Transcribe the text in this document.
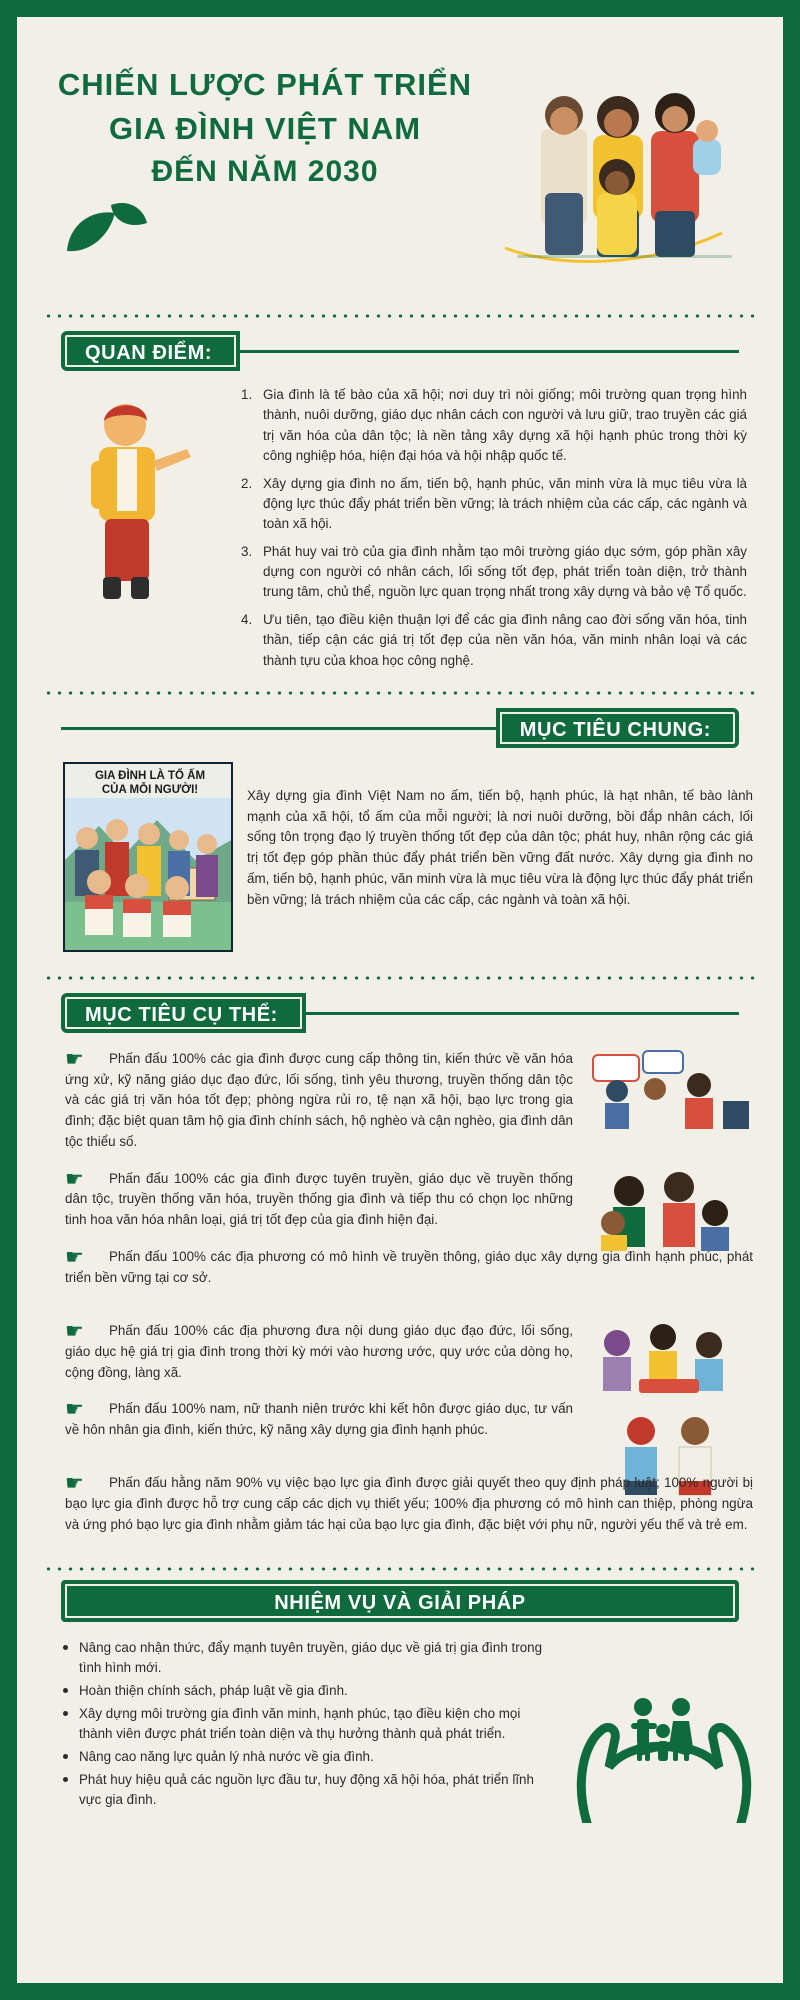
CHIẾN LƯỢC PHÁT TRIỂN
GIA ĐÌNH VIỆT NAM
ĐẾN NĂM 2030
QUAN ĐIỂM:
Gia đình là tế bào của xã hội; nơi duy trì nòi giống; môi trường quan trọng hình thành, nuôi dưỡng, giáo dục nhân cách con người và lưu giữ, trao truyền các giá trị văn hóa của dân tộc; là nền tảng xây dựng xã hội hạnh phúc trong thời kỳ công nghiệp hóa, hiện đại hóa và hội nhập quốc tế.
Xây dựng gia đình no ấm, tiến bộ, hạnh phúc, văn minh vừa là mục tiêu vừa là động lực thúc đẩy phát triển bền vững; là trách nhiệm của các cấp, các ngành và toàn xã hội.
Phát huy vai trò của gia đình nhằm tạo môi trường giáo dục sớm, góp phần xây dựng con người có nhân cách, lối sống tốt đẹp, phát triển toàn diện, trở thành trung tâm, chủ thể, nguồn lực quan trọng nhất trong xây dựng và bảo vệ Tổ quốc.
Ưu tiên, tạo điều kiện thuận lợi để các gia đình nâng cao đời sống văn hóa, tinh thần, tiếp cận các giá trị tốt đẹp của nền văn hóa, văn minh nhân loại và các thành tựu của khoa học công nghệ.
MỤC TIÊU CHUNG:
GIA ĐÌNH LÀ TỔ ẤM
CỦA MỖI NGƯỜI!	Xây dựng gia đình Việt Nam no ấm, tiến bộ, hạnh phúc, là hạt nhân, tế bào lành mạnh của xã hội, tổ ấm của mỗi người; là nơi nuôi dưỡng, bồi đắp nhân cách, lối sống tôn trọng đạo lý truyền thống tốt đẹp của dân tộc; phát huy, nhân rộng các giá trị tốt đẹp góp phần thúc đẩy phát triển bền vững đất nước. Xây dựng gia đình no ấm, tiến bộ, hạnh phúc, văn minh vừa là mục tiêu vừa là động lực thúc đẩy phát triển bền vững; là trách nhiệm của các cấp, các ngành và toàn xã hội.
MỤC TIÊU CỤ THỂ:
☛	Phấn đấu 100% các gia đình được cung cấp thông tin, kiến thức về văn hóa ứng xử, kỹ năng giáo dục đạo đức, lối sống, tình yêu thương, truyền thống dân tộc và các giá trị văn hóa tốt đẹp; phòng ngừa rủi ro, tệ nạn xã hội, bạo lực trong gia đình; đặc biệt quan tâm hộ gia đình chính sách, hộ nghèo và cận nghèo, gia đình dân tộc thiểu số.

☛	Phấn đấu 100% các gia đình được tuyên truyền, giáo dục về truyền thống dân tộc, truyền thống văn hóa, truyền thống gia đình và tiếp thu có chọn lọc những tinh hoa văn hóa nhân loại, giá trị tốt đẹp của gia đình hiện đại.

☛	Phấn đấu 100% các địa phương có mô hình về truyền thông, giáo dục xây dựng gia đình hạnh phúc, phát triển bền vững tại cơ sở.

☛	Phấn đấu 100% các địa phương đưa nội dung giáo dục đạo đức, lối sống, giáo dục hệ giá trị gia đình trong thời kỳ mới vào hương ước, quy ước của dòng họ, cộng đồng, làng xã.

☛	Phấn đấu 100% nam, nữ thanh niên trước khi kết hôn được giáo dục, tư vấn về hôn nhân gia đình, kiến thức, kỹ năng xây dựng gia đình hạnh phúc.

☛	Phấn đấu hằng năm 90% vụ việc bạo lực gia đình được giải quyết theo quy định pháp luật; 100% người bị bạo lực gia đình được hỗ trợ cung cấp các dịch vụ thiết yếu; 100% địa phương có mô hình can thiệp, phòng ngừa và ứng phó bạo lực gia đình nhằm giảm tác hại của bạo lực gia đình, đặc biệt với phụ nữ, người yếu thế và trẻ em.

NHIỆM VỤ VÀ GIẢI PHÁP
Nâng cao nhận thức, đẩy mạnh tuyên truyền, giáo dục về giá trị gia đình trong tình hình mới.
Hoàn thiện chính sách, pháp luật về gia đình.
Xây dựng môi trường gia đình văn minh, hạnh phúc, tạo điều kiện cho mọi thành viên được phát triển toàn diện và thụ hưởng thành quả phát triển.
Nâng cao năng lực quản lý nhà nước về gia đình.
Phát huy hiệu quả các nguồn lực đầu tư, huy động xã hội hóa, phát triển lĩnh vực gia đình.
